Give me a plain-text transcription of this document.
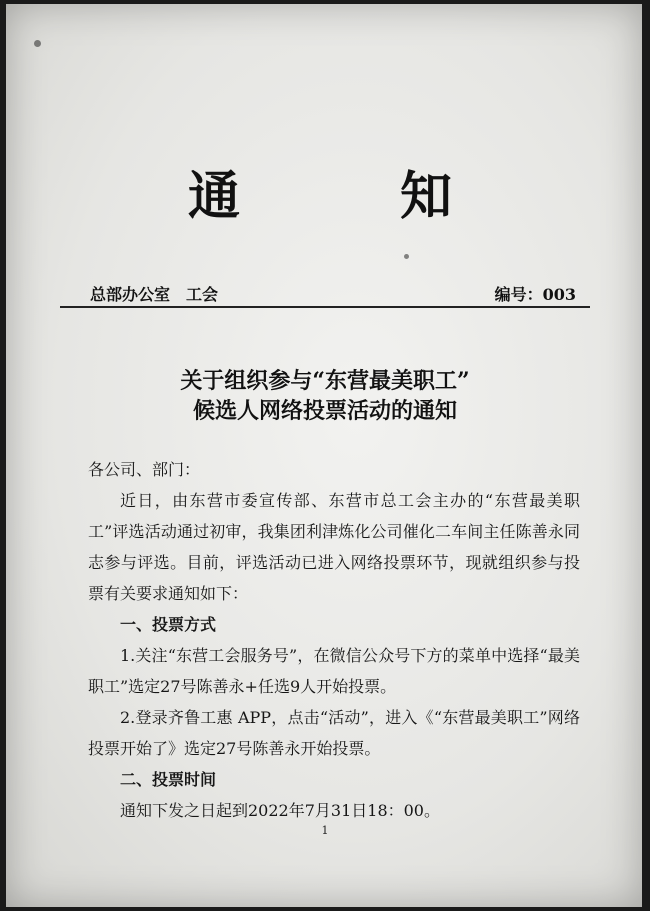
通	知
总部办公室　工会	编号：003
关于组织参与“东营最美职工”
候选人网络投票活动的通知

各公司、部门：

近日，由东营市委宣传部、东营市总工会主办的“东营最美职工”评选活动通过初审，我集团利津炼化公司催化二车间主任陈善永同志参与评选。目前，评选活动已进入网络投票环节，现就组织参与投票有关要求通知如下：

一、投票方式

1.关注“东营工会服务号”，在微信公众号下方的菜单中选择“最美职工”选定27号陈善永+任选9人开始投票。

2.登录齐鲁工惠 APP，点击“活动”，进入《“东营最美职工”网络投票开始了》选定27号陈善永开始投票。

二、投票时间

通知下发之日起到2022年7月31日18：00。

1
